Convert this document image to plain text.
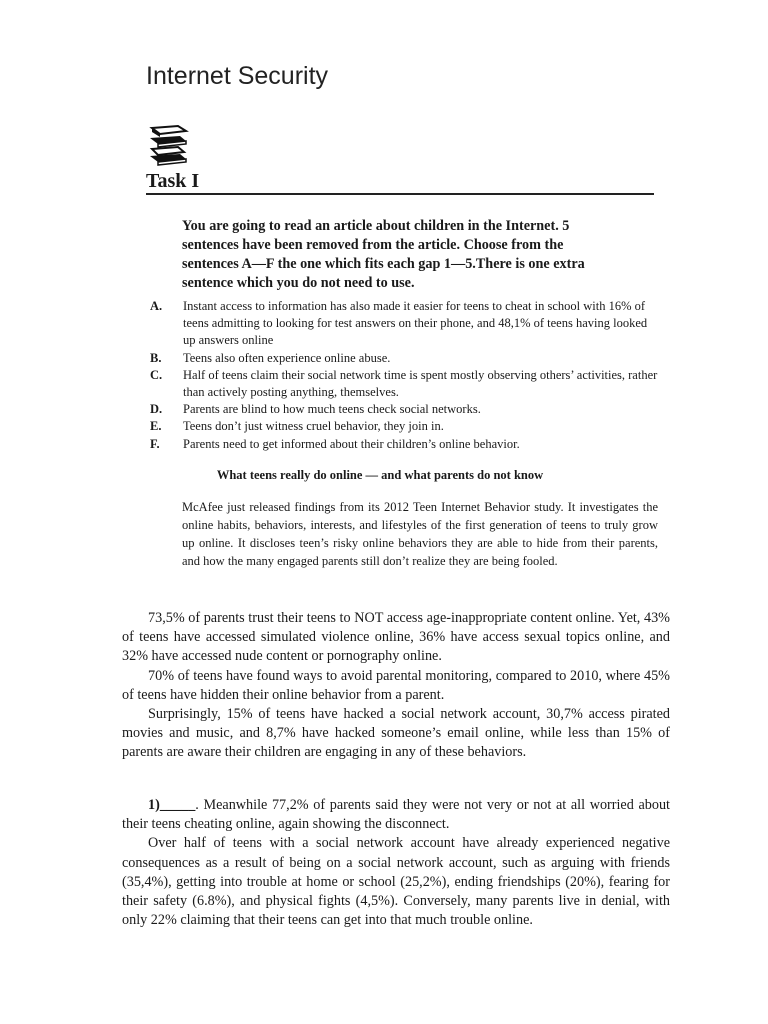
Internet Security
Task I
You are going to read an article about children in the Internet. 5 sentences have been removed from the article. Choose from the sentences A—F the one which fits each gap 1—5.There is one extra sentence which you do not need to use.
A.	Instant access to information has also made it easier for teens to cheat in school with 16% of teens admitting to looking for test answers on their phone, and 48,1% of teens having looked up answers online
B.	Teens also often experience online abuse.
C.	Half of teens claim their social network time is spent mostly observing others’ activities, rather than actively posting anything, themselves.
D.	Parents are blind to how much teens check social networks.
E.	Teens don’t just witness cruel behavior, they join in.
F.	Parents need to get informed about their children’s online behavior.
What teens really do online — and what parents do not know
McAfee just released findings from its 2012 Teen Internet Behavior study. It investigates the online habits, behaviors, interests, and lifestyles of the first generation of teens to truly grow up online. It discloses teen’s risky online behaviors they are able to hide from their parents, and how the many engaged parents still don’t realize they are being fooled.

73,5% of parents trust their teens to NOT access age-inappropriate content online. Yet, 43% of teens have accessed simulated violence online, 36% have access sexual topics online, and 32% have accessed nude content or pornography online.

70% of teens have found ways to avoid parental monitoring, compared to 2010, where 45% of teens have hidden their online behavior from a parent.

Surprisingly, 15% of teens have hacked a social network account, 30,7% access pirated movies and music, and 8,7% have hacked someone’s email online, while less than 15% of parents are aware their children are engaging in any of these behaviors.

1)_____. Meanwhile 77,2% of parents said they were not very or not at all worried about their teens cheating online, again showing the disconnect.

Over half of teens with a social network account have already experienced negative consequences as a result of being on a social network account, such as arguing with friends (35,4%), getting into trouble at home or school (25,2%), ending friendships (20%), fearing for their safety (6.8%), and physical fights (4,5%). Conversely, many parents live in denial, with only 22% claiming that their teens can get into that much trouble online.
